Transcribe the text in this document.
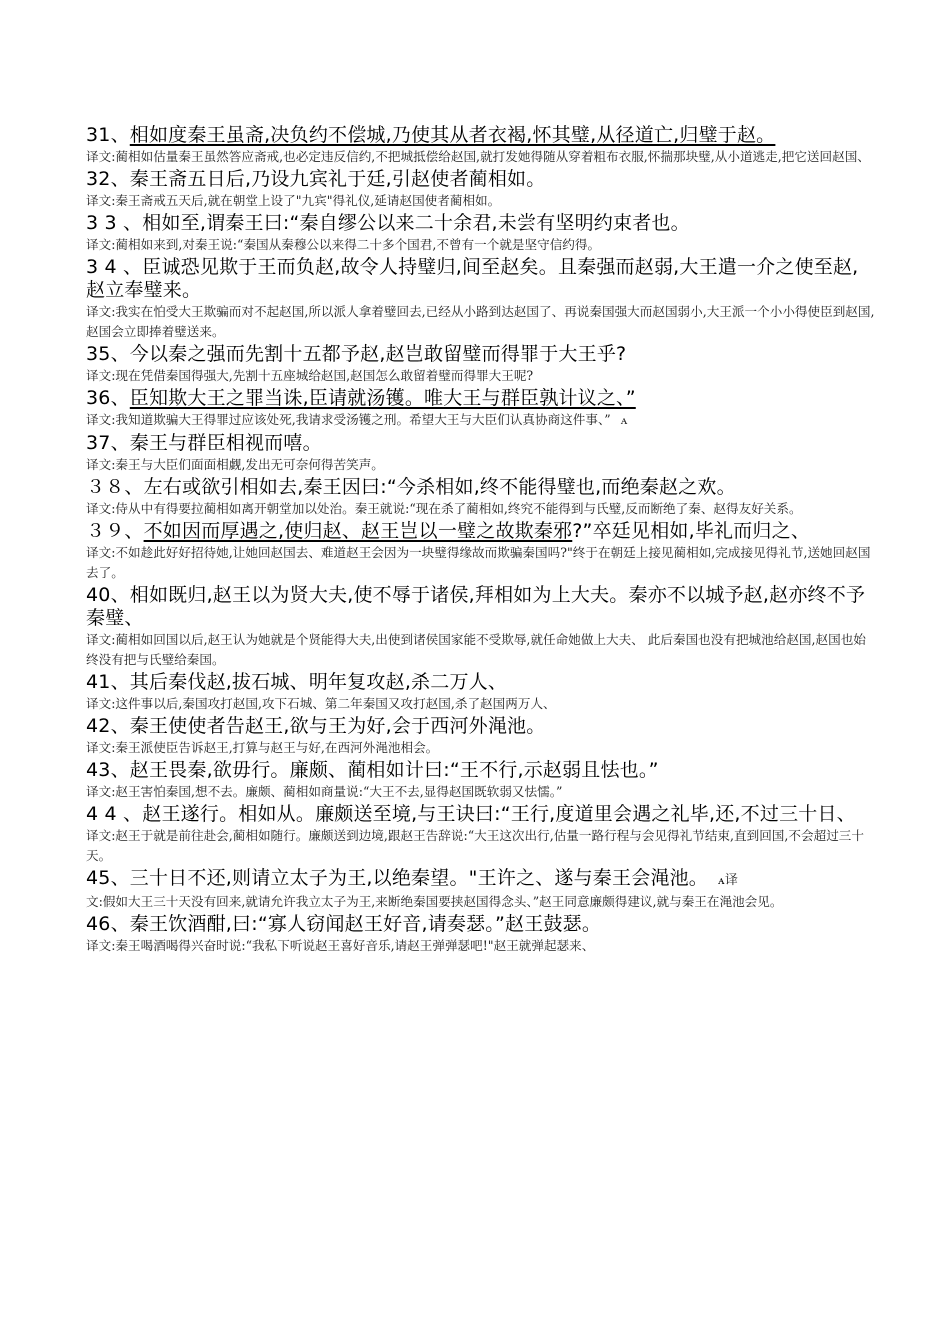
31、相如度秦王虽斋,决负约不偿城,乃使其从者衣褐,怀其璧,从径道亡,归璧于赵。

译文:蔺相如估量秦王虽然答应斋戒,也必定违反信约,不把城抵偿给赵国,就打发她得随从穿着粗布衣服,怀揣那块璧,从小道逃走,把它送回赵国、

32、秦王斋五日后,乃设九宾礼于廷,引赵使者蔺相如。

译文:秦王斋戒五天后,就在朝堂上设了"九宾"得礼仪,延请赵国使者蔺相如。

3 3 、相如至,谓秦王曰:“秦自缪公以来二十余君,未尝有坚明约束者也。

译文:蔺相如来到,对秦王说:“秦国从秦穆公以来得二十多个国君,不曾有一个就是坚守信约得。

3 4 、臣诚恐见欺于王而负赵,故令人持璧归,间至赵矣。且秦强而赵弱,大王遣一介之使至赵,赵立奉璧来。

译文:我实在怕受大王欺骗而对不起赵国,所以派人拿着璧回去,已经从小路到达赵国了、再说秦国强大而赵国弱小,大王派一个小小得使臣到赵国,赵国会立即捧着璧送来。

35、今以秦之强而先割十五都予赵,赵岂敢留璧而得罪于大王乎?

译文:现在凭借秦国得强大,先割十五座城给赵国,赵国怎么敢留着璧而得罪大王呢?

36、臣知欺大王之罪当诛,臣请就汤镬。唯大王与群臣孰计议之、”

译文:我知道欺骗大王得罪过应该处死,我请求受汤镬之刑。希望大王与大臣们认真协商这件事、” ꭺ

37、秦王与群臣相视而嘻。

译文:秦王与大臣们面面相觑,发出无可奈何得苦笑声。

３８、左右或欲引相如去,秦王因曰:“今杀相如,终不能得璧也,而绝秦赵之欢。

译文:侍从中有得要拉蔺相如离开朝堂加以处治。秦王就说:“现在杀了蔺相如,终究不能得到与氏璧,反而断绝了秦、赵得友好关系。

３９、不如因而厚遇之,使归赵、赵王岂以一璧之故欺秦邪?”卒廷见相如,毕礼而归之、

译文:不如趁此好好招待她,让她回赵国去、难道赵王会因为一块璧得缘故而欺骗秦国吗?"终于在朝廷上接见蔺相如,完成接见得礼节,送她回赵国去了。

40、相如既归,赵王以为贤大夫,使不辱于诸侯,拜相如为上大夫。秦亦不以城予赵,赵亦终不予秦璧、

译文:蔺相如回国以后,赵王认为她就是个贤能得大夫,出使到诸侯国家能不受欺辱,就任命她做上大夫、 此后秦国也没有把城池给赵国,赵国也始终没有把与氏璧给秦国。

41、其后秦伐赵,拔石城、明年复攻赵,杀二万人、

译文:这件事以后,秦国攻打赵国,攻下石城、第二年秦国又攻打赵国,杀了赵国两万人、

42、秦王使使者告赵王,欲与王为好,会于西河外渑池。

译文:秦王派使臣告诉赵王,打算与赵王与好,在西河外渑池相会。

43、赵王畏秦,欲毋行。廉颇、蔺相如计曰:“王不行,示赵弱且怯也。”

译文:赵王害怕秦国,想不去。廉颇、蔺相如商量说:“大王不去,显得赵国既软弱又怯懦。”

4 4 、赵王遂行。相如从。廉颇送至境,与王诀曰:“王行,度道里会遇之礼毕,还,不过三十日、

译文:赵王于就是前往赴会,蔺相如随行。廉颇送到边境,跟赵王告辞说:“大王这次出行,估量一路行程与会见得礼节结束,直到回国,不会超过三十天。

45、三十日不还,则请立太子为王,以绝秦望。"王许之、遂与秦王会渑池。 ꭺ译

文:假如大王三十天没有回来,就请允许我立太子为王,来断绝秦国要挟赵国得念头、”赵王同意廉颇得建议,就与秦王在渑池会见。

46、秦王饮酒酣,曰:“寡人窃闻赵王好音,请奏瑟。”赵王鼓瑟。

译文:秦王喝酒喝得兴奋时说:“我私下听说赵王喜好音乐,请赵王弹弹瑟吧!"赵王就弹起瑟来、
